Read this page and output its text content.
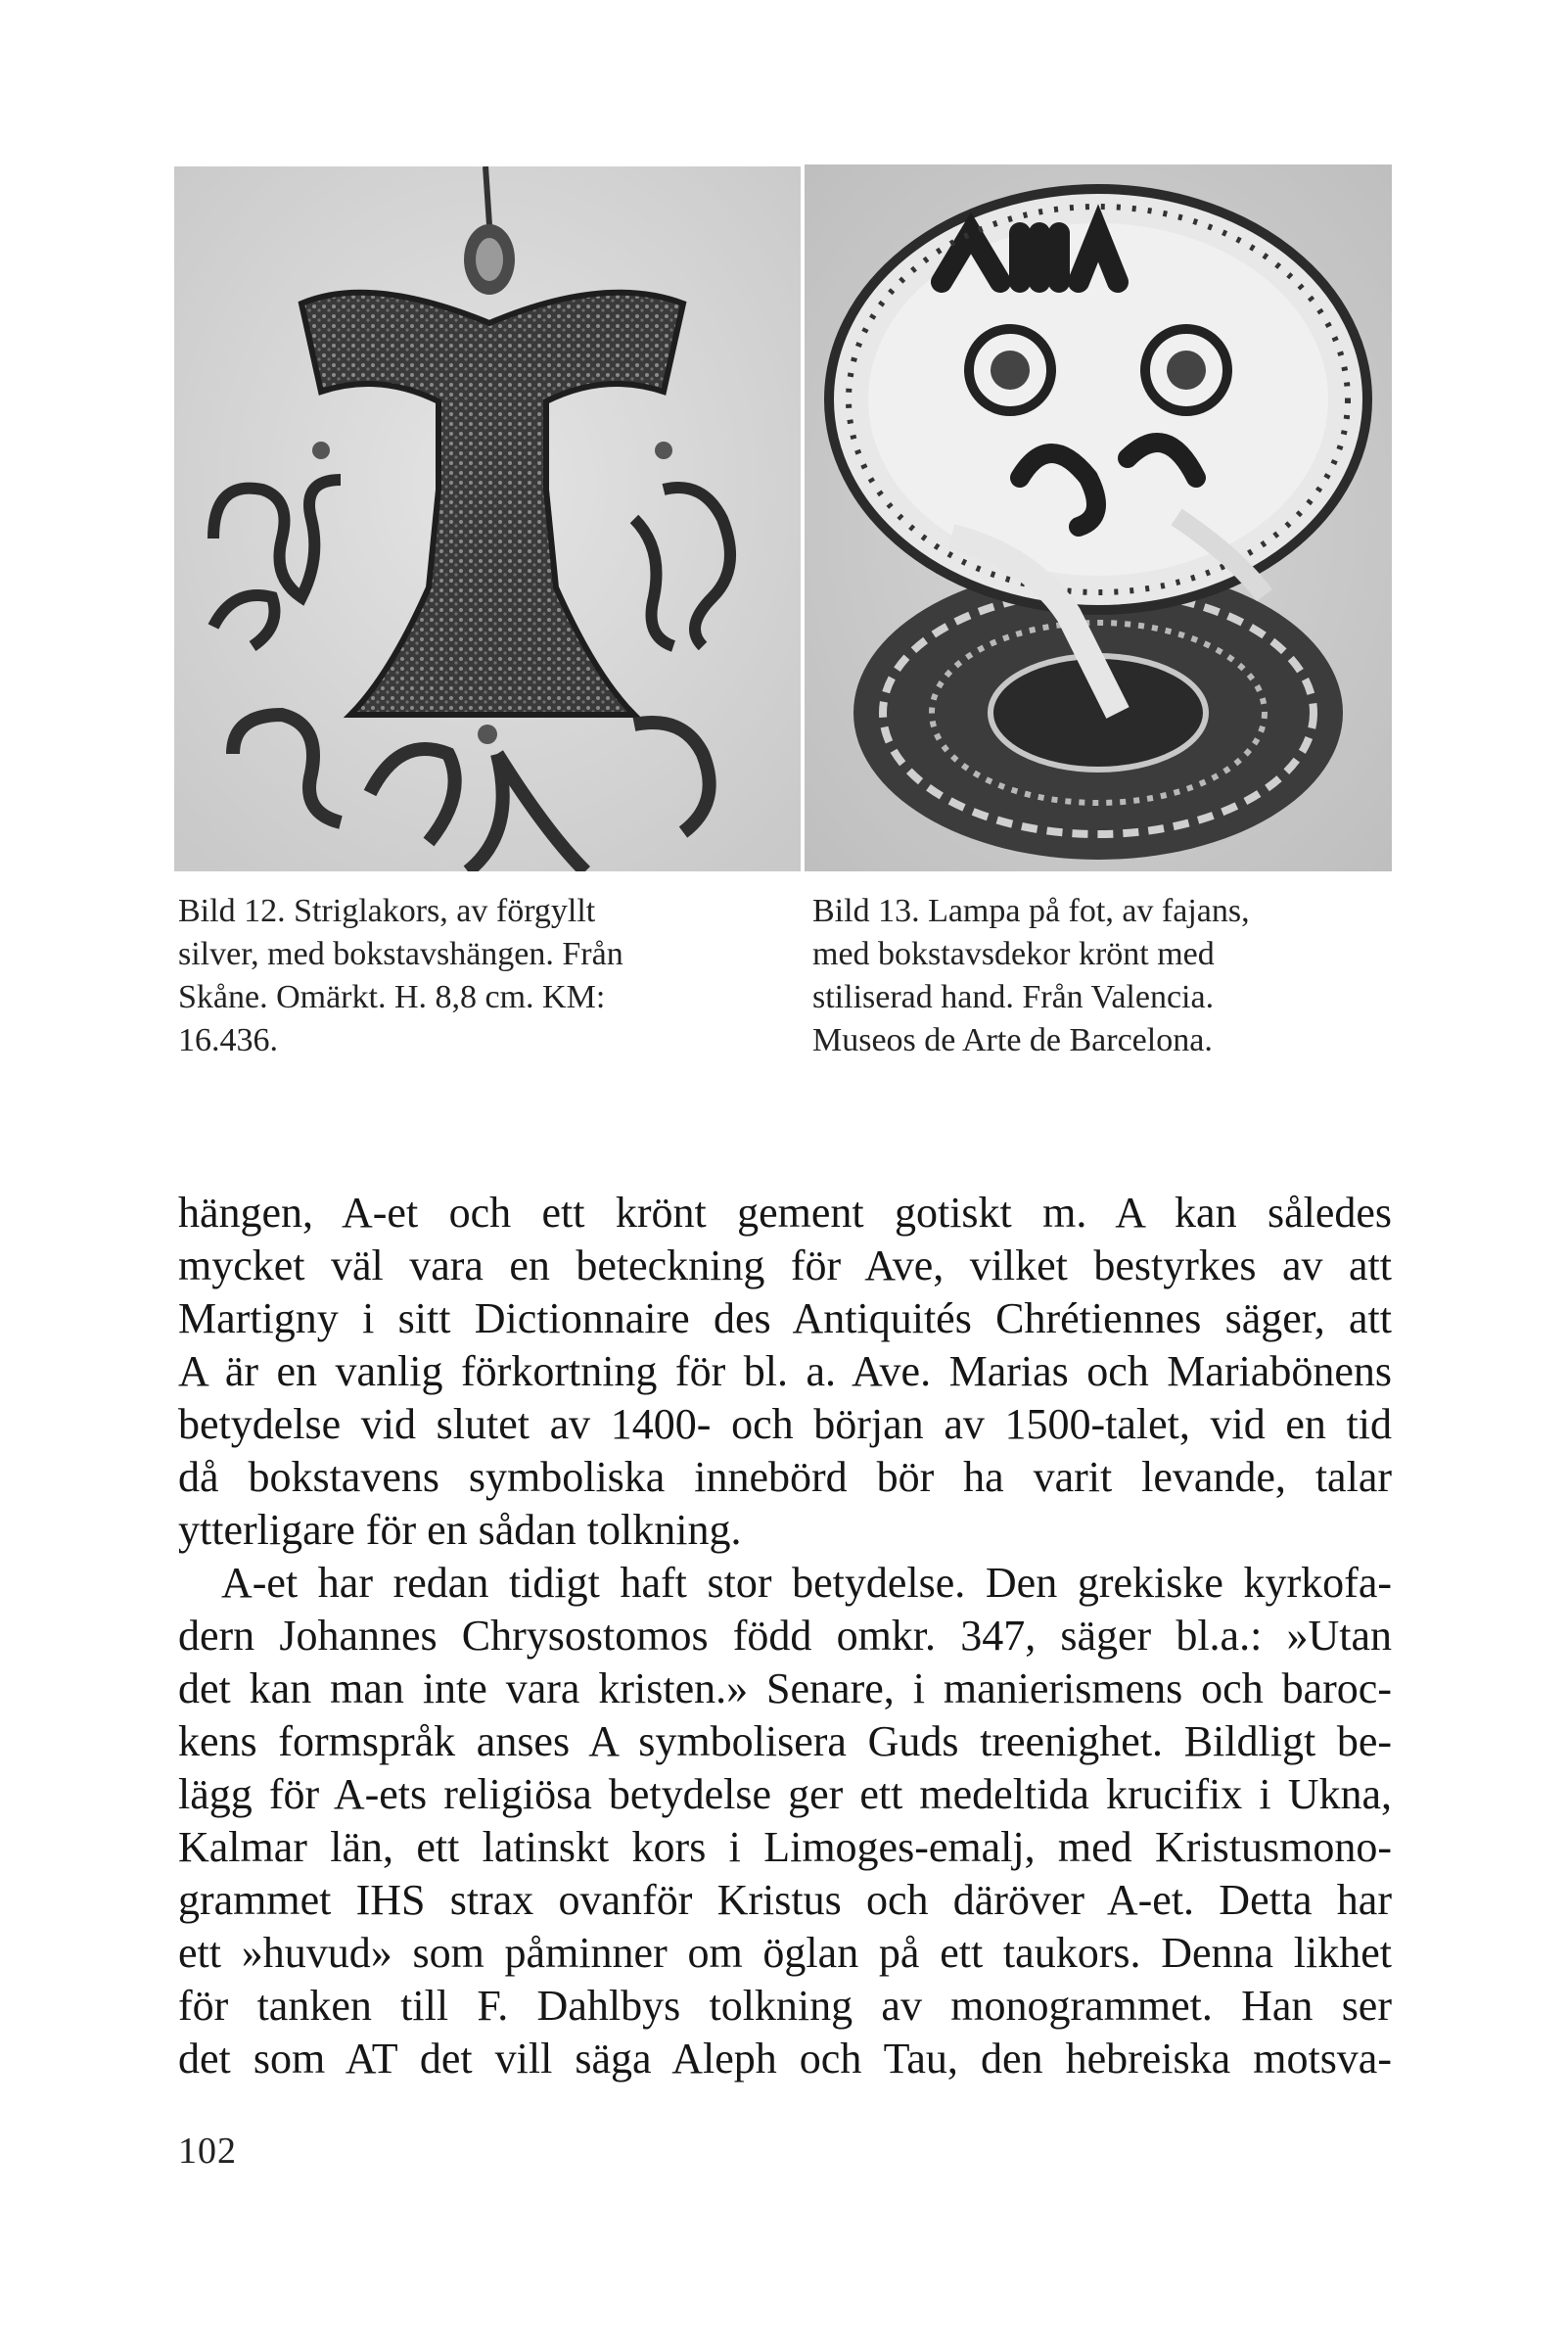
Bild 12. Striglakors, av förgyllt
silver, med bokstavshängen. Från
Skåne. Omärkt. H. 8,8 cm. KM:
16.436.
Bild 13. Lampa på fot, av fajans,
med bokstavsdekor krönt med
stiliserad hand. Från Valencia.
Museos de Arte de Barcelona.
hängen, A-et och ett krönt gement gotiskt m. A kan således
mycket väl vara en beteckning för Ave, vilket bestyrkes av att
Martigny i sitt Dictionnaire des Antiquités Chrétiennes säger, att
A är en vanlig förkortning för bl. a. Ave. Marias och Mariabönens
betydelse vid slutet av 1400- och början av 1500-talet, vid en tid
då bokstavens symboliska innebörd bör ha varit levande, talar
ytterligare för en sådan tolkning.
A-et har redan tidigt haft stor betydelse. Den grekiske kyrkofa-
dern Johannes Chrysostomos född omkr. 347, säger bl.a.: »Utan
det kan man inte vara kristen.» Senare, i manierismens och baroc-
kens formspråk anses A symbolisera Guds treenighet. Bildligt be-
lägg för A-ets religiösa betydelse ger ett medeltida krucifix i Ukna,
Kalmar län, ett latinskt kors i Limoges-emalj, med Kristusmono-
grammet IHS strax ovanför Kristus och däröver A-et. Detta har
ett »huvud» som påminner om öglan på ett taukors. Denna likhet
för tanken till F. Dahlbys tolkning av monogrammet. Han ser
det som AT det vill säga Aleph och Tau, den hebreiska motsva-
102
